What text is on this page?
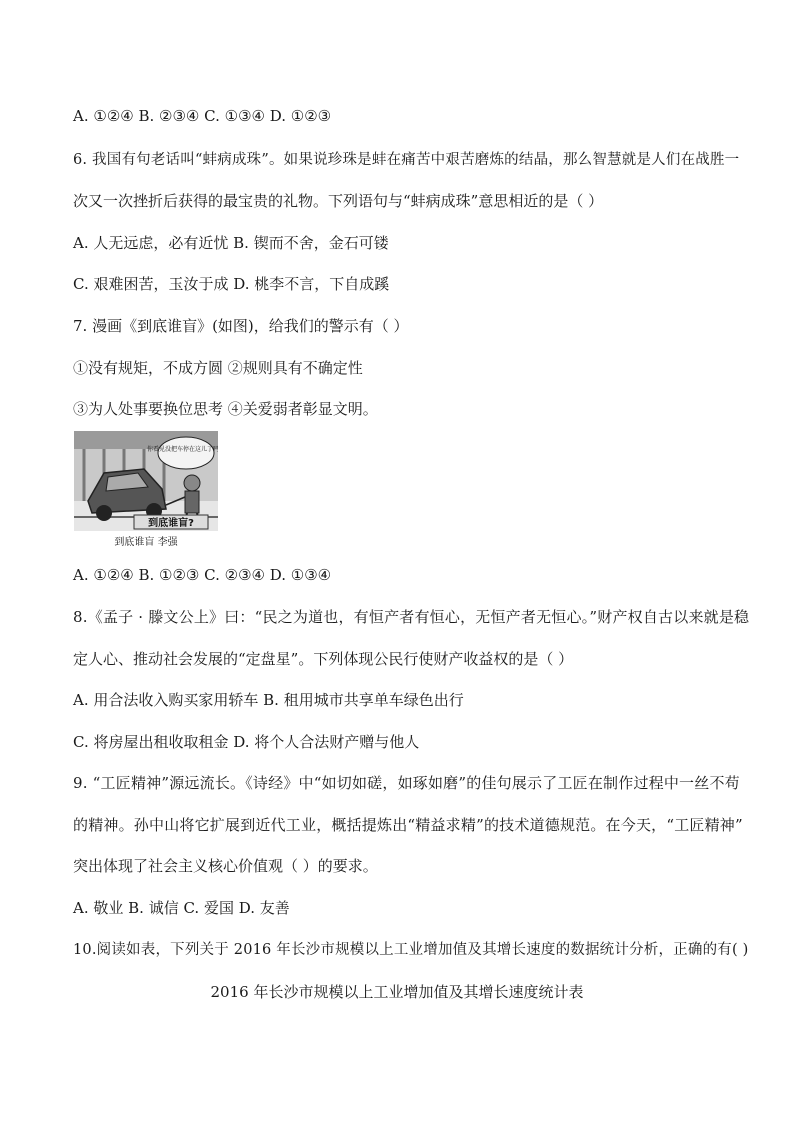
A. ①②④ B. ②③④ C. ①③④ D. ①②③
6. 我国有句老话叫“蚌病成珠”。如果说珍珠是蚌在痛苦中艰苦磨炼的结晶，那么智慧就是人们在战胜一
次又一次挫折后获得的最宝贵的礼物。下列语句与“蚌病成珠”意思相近的是（ ）
A. 人无远虑，必有近忧 B. 锲而不舍，金石可镂
C. 艰难困苦，玉汝于成 D. 桃李不言，下自成蹊
7. 漫画《到底谁盲》(如图)，给我们的警示有（ ）
①没有规矩，不成方圆 ②规则具有不确定性
③为人处事要换位思考 ④关爱弱者彰显文明。
你看见没把车停在这儿了吗？
到底谁盲?
到底谁盲 李强
A. ①②④ B. ①②③ C. ②③④ D. ①③④
8.《孟子 · 滕文公上》曰：“民之为道也，有恒产者有恒心，无恒产者无恒心。”财产权自古以来就是稳
定人心、推动社会发展的“定盘星”。下列体现公民行使财产收益权的是（ ）
A. 用合法收入购买家用轿车 B. 租用城市共享单车绿色出行
C. 将房屋出租收取租金 D. 将个人合法财产赠与他人
9. “工匠精神”源远流长。《诗经》中“如切如磋，如琢如磨”的佳句展示了工匠在制作过程中一丝不苟
的精神。孙中山将它扩展到近代工业，概括提炼出“精益求精”的技术道德规范。在今天，“工匠精神”
突出体现了社会主义核心价值观（ ）的要求。
A. 敬业 B. 诚信 C. 爱国 D. 友善
10.阅读如表，下列关于 2016 年长沙市规模以上工业增加值及其增长速度的数据统计分析，正确的有( )
2016 年长沙市规模以上工业增加值及其增长速度统计表
